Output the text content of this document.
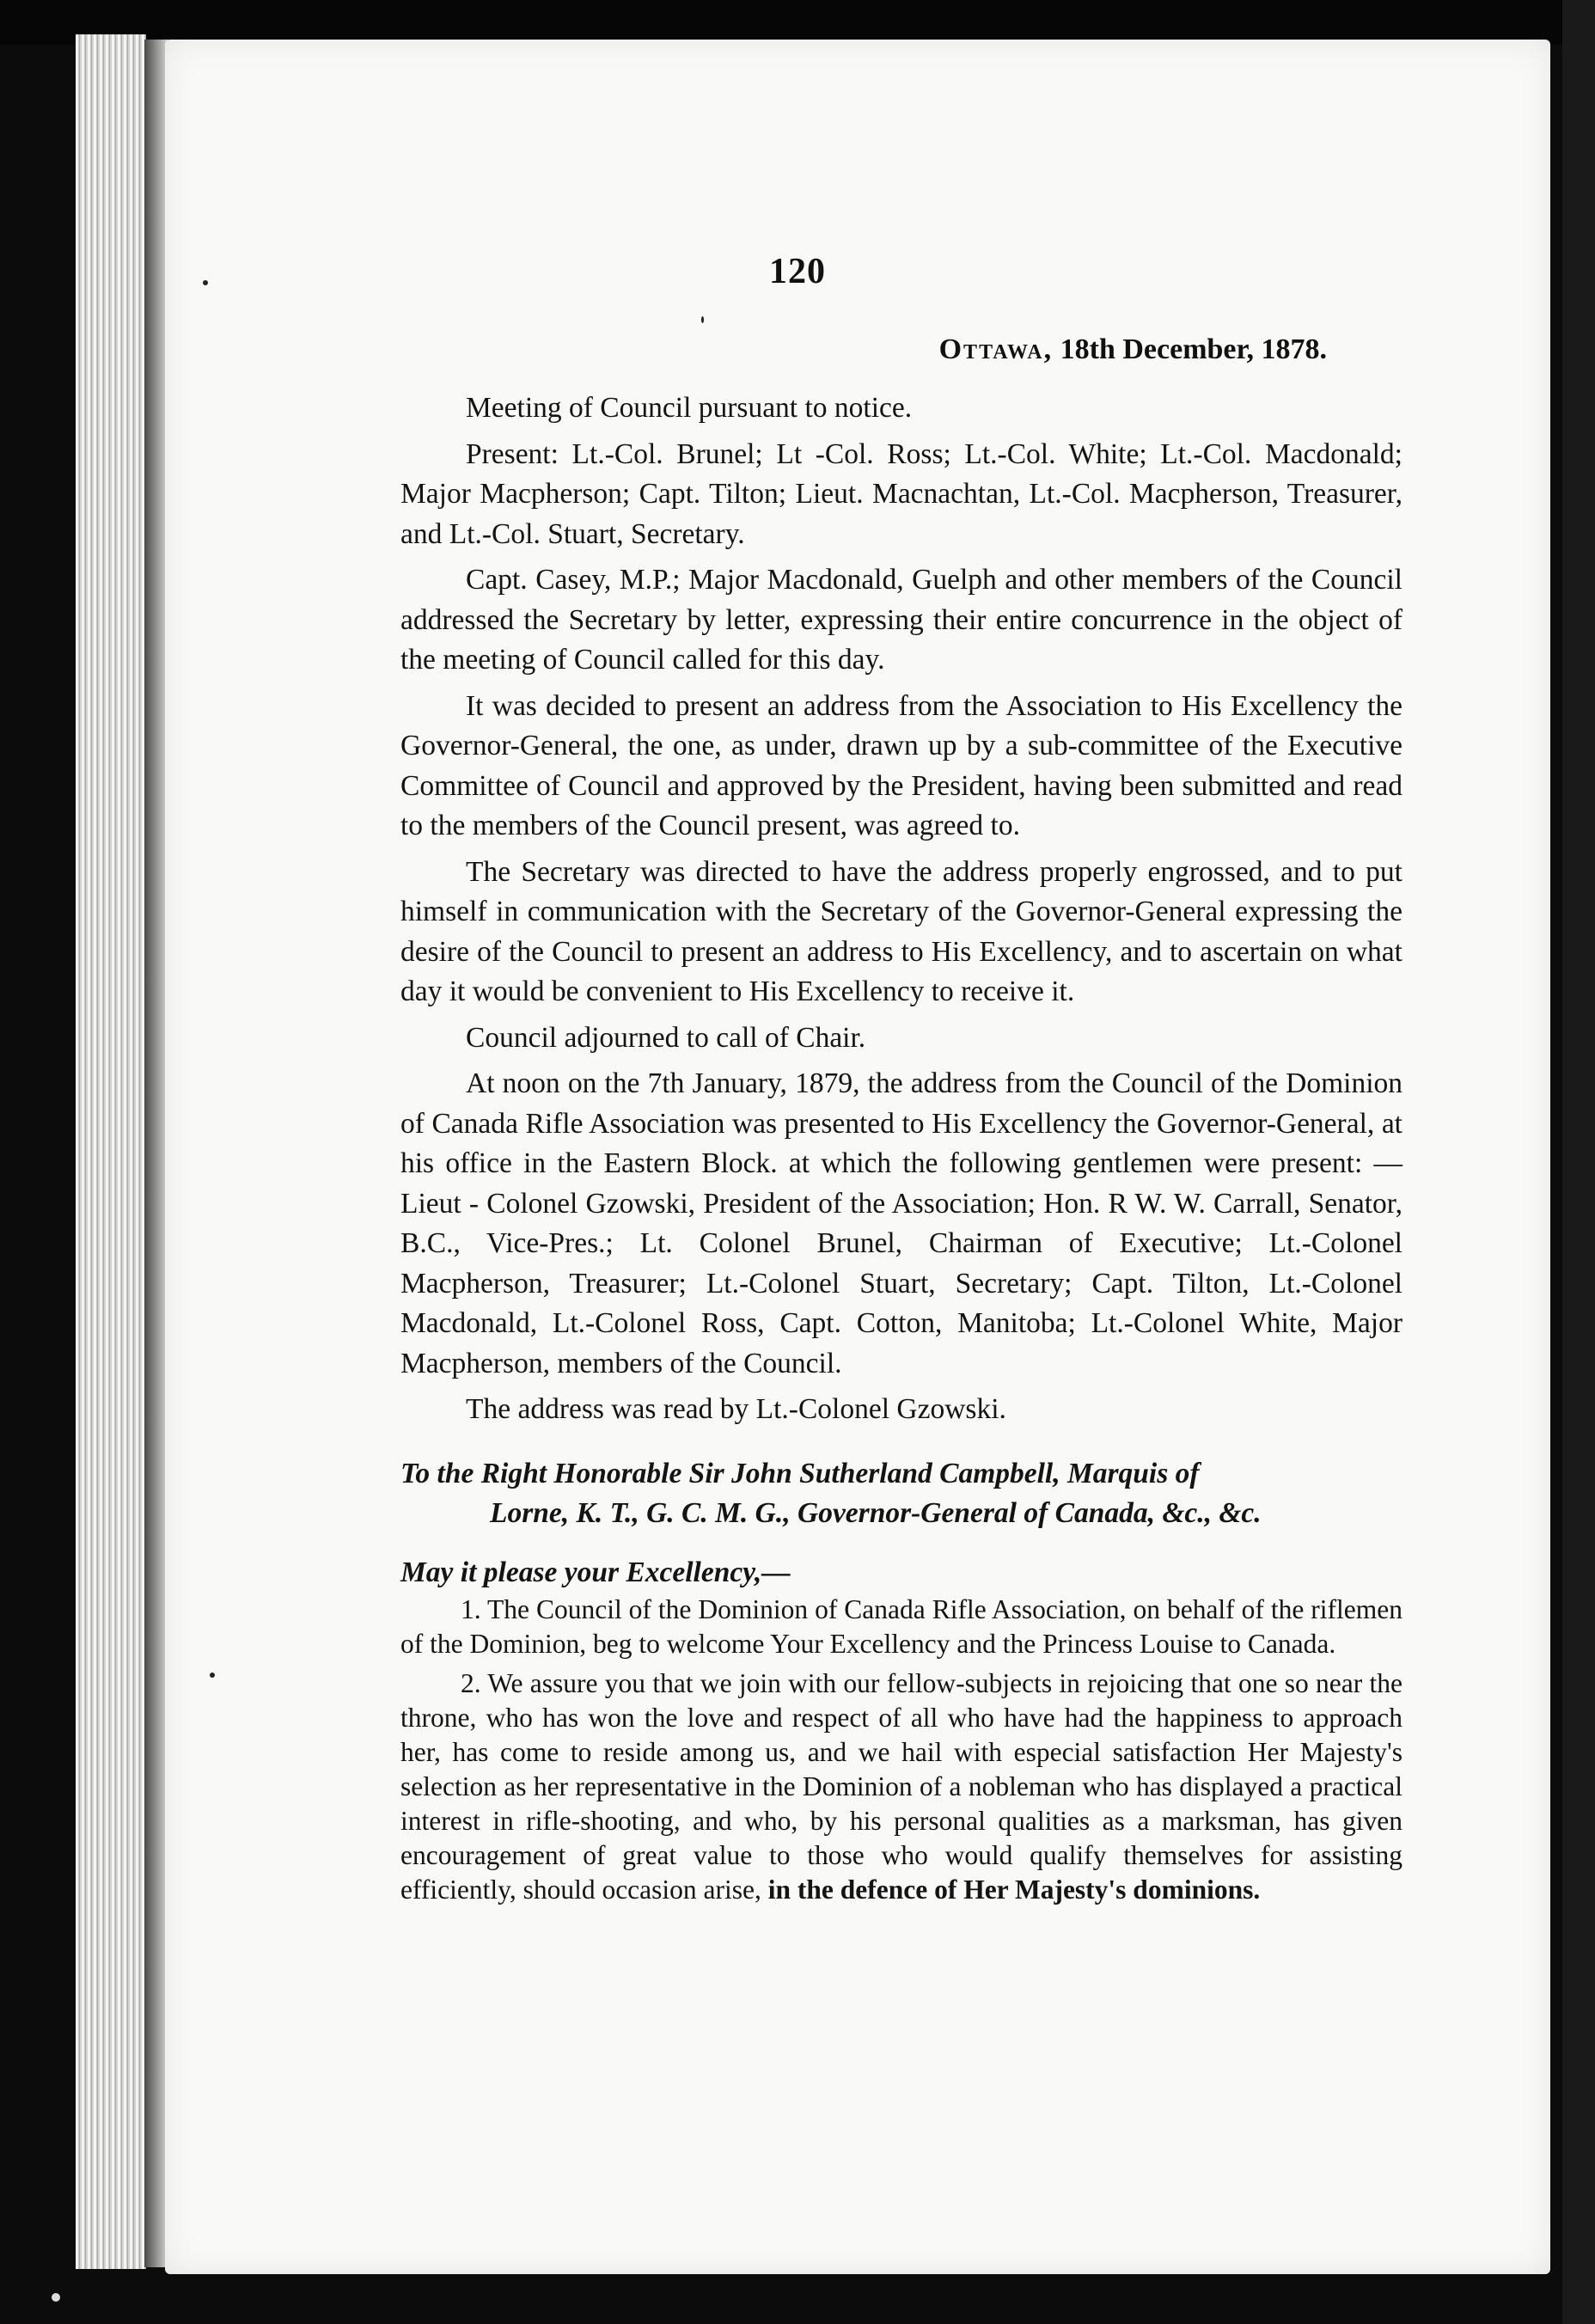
120
Ottawa, 18th December, 1878.

Meeting of Council pursuant to notice.

Present: Lt.-Col. Brunel; Lt -Col. Ross; Lt.-Col. White; Lt.-Col. Macdonald; Major Macpherson; Capt. Tilton; Lieut. Macnachtan, Lt.-Col. Macpherson, Treasurer, and Lt.-Col. Stuart, Secretary.

Capt. Casey, M.P.; Major Macdonald, Guelph and other members of the Council addressed the Secretary by letter, expressing their entire concurrence in the object of the meeting of Council called for this day.

It was decided to present an address from the Association to His Excellency the Governor-General, the one, as under, drawn up by a sub-committee of the Executive Committee of Council and approved by the President, having been submitted and read to the members of the Council present, was agreed to.

The Secretary was directed to have the address properly engrossed, and to put himself in communication with the Secretary of the Governor-General expressing the desire of the Council to present an address to His Excellency, and to ascertain on what day it would be convenient to His Excellency to receive it.

Council adjourned to call of Chair.

At noon on the 7th January, 1879, the address from the Council of the Dominion of Canada Rifle Association was presented to His Excellency the Governor-General, at his office in the Eastern Block. at which the following gentlemen were present: — Lieut - Colonel Gzowski, President of the Association; Hon. R W. W. Carrall, Senator, B.C., Vice-Pres.; Lt. Colonel Brunel, Chairman of Executive; Lt.-Colonel Macpherson, Treasurer; Lt.-Colonel Stuart, Secretary; Capt. Tilton, Lt.-Colonel Macdonald, Lt.-Colonel Ross, Capt. Cotton, Manitoba; Lt.-Colonel White, Major Macpherson, members of the Council.

The address was read by Lt.-Colonel Gzowski.

To the Right Honorable Sir John Sutherland Campbell, Marquis of
Lorne, K. T., G. C. M. G., Governor-General of Canada, &c., &c.

May it please your Excellency,—

1. The Council of the Dominion of Canada Rifle Association, on behalf of the riflemen of the Dominion, beg to welcome Your Excellency and the Princess Louise to Canada.

2. We assure you that we join with our fellow-subjects in rejoicing that one so near the throne, who has won the love and respect of all who have had the happiness to approach her, has come to reside among us, and we hail with especial satisfaction Her Majesty's selection as her representative in the Dominion of a nobleman who has displayed a practical interest in rifle-shooting, and who, by his personal qualities as a marksman, has given encouragement of great value to those who would qualify themselves for assisting efficiently, should occasion arise, in the defence of Her Majesty's dominions.
